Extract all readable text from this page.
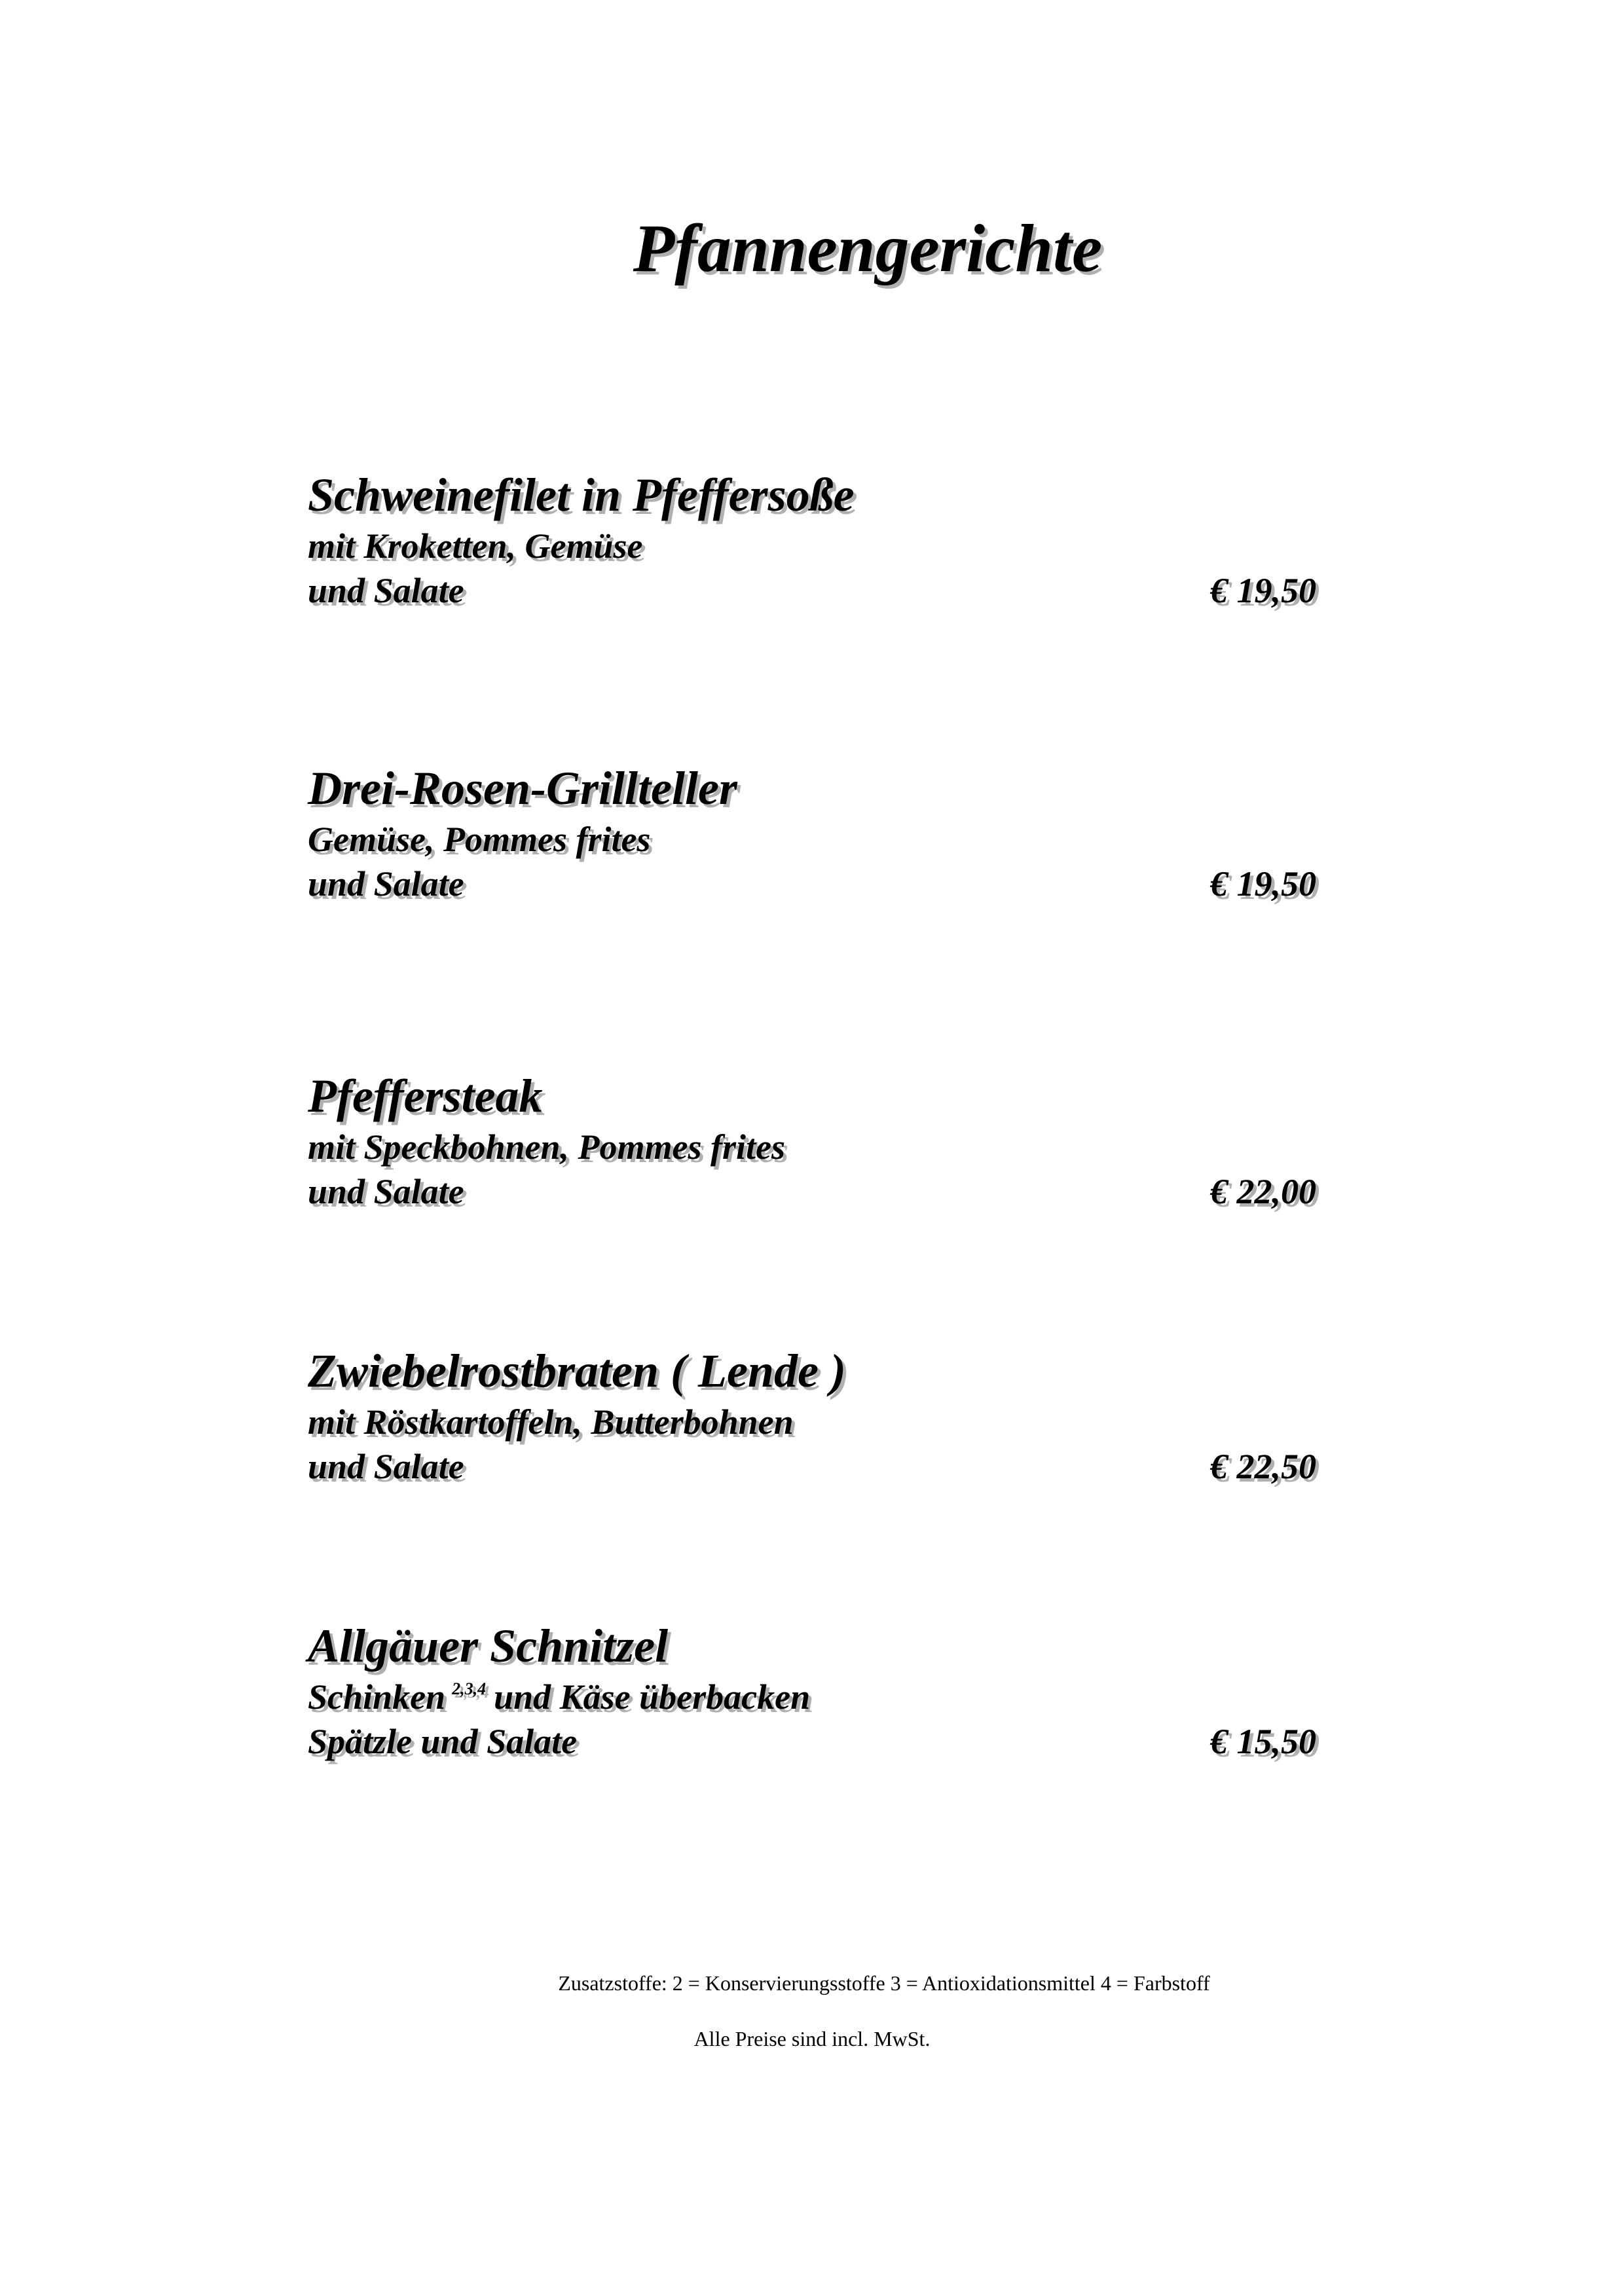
Pfannengerichte
Schweinefilet in Pfeffersoße
mit Kroketten, Gemüse
und Salate	€ 19,50
Drei-Rosen-Grillteller
Gemüse, Pommes frites
und Salate	€ 19,50
Pfeffersteak
mit Speckbohnen, Pommes frites
und Salate	€ 22,00
Zwiebelrostbraten ( Lende )
mit Röstkartoffeln, Butterbohnen
und Salate	€ 22,50
Allgäuer Schnitzel
Schinken $^{2,3,4}$ und Käse überbacken
Spätzle und Salate	€ 15,50
Zusatzstoffe: 2 = Konservierungsstoffe 3 = Antioxidationsmittel 4 = Farbstoff
Alle Preise sind incl. MwSt.
